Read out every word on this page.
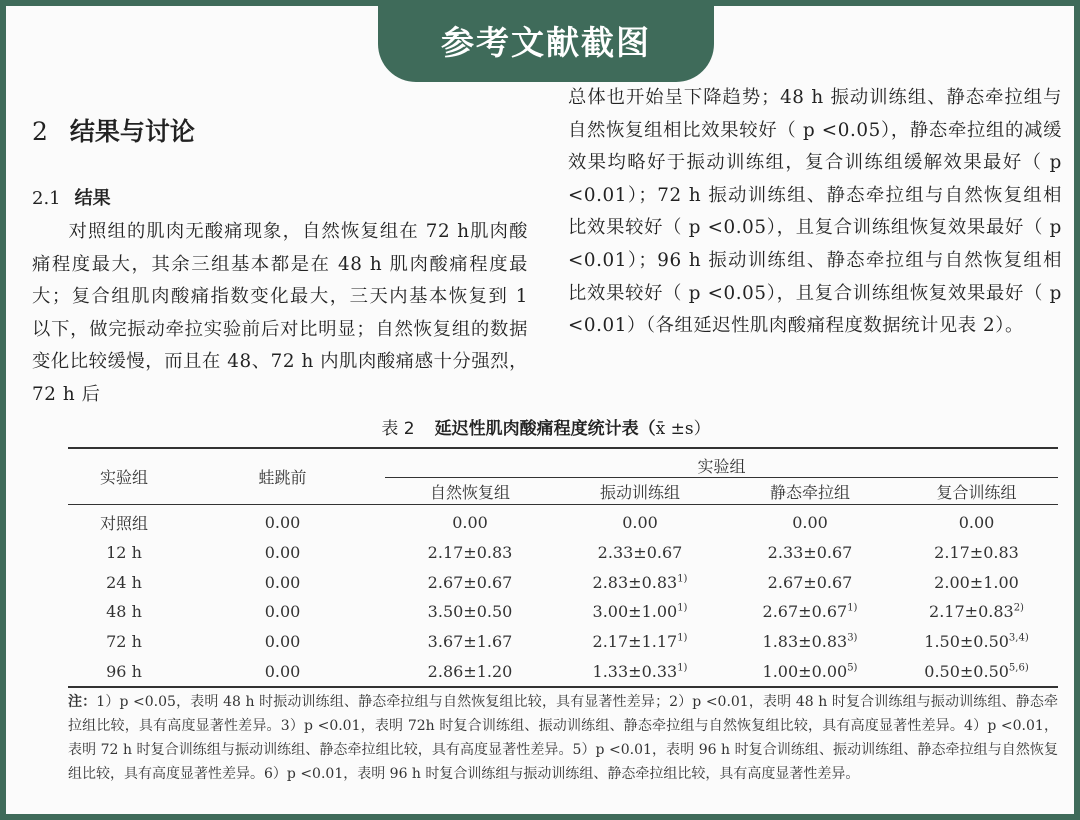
参考文献截图
2 结果与讨论
2.1 结果

对照组的肌肉无酸痛现象，自然恢复组在 72 h肌肉酸痛程度最大，其余三组基本都是在 48 h 肌肉酸痛程度最大；复合组肌肉酸痛指数变化最大，三天内基本恢复到 1 以下，做完振动牵拉实验前后对比明显；自然恢复组的数据变化比较缓慢，而且在 48、72 h 内肌肉酸痛感十分强烈，72 h 后

总体也开始呈下降趋势；48 h 振动训练组、静态牵拉组与自然恢复组相比效果较好（ p <0.05），静态牵拉组的减缓效果均略好于振动训练组，复合训练组缓解效果最好（ p <0.01）；72 h 振动训练组、静态牵拉组与自然恢复组相比效果较好（ p <0.05），且复合训练组恢复效果最好（ p <0.01）；96 h 振动训练组、静态牵拉组与自然恢复组相比效果较好（ p <0.05），且复合训练组恢复效果最好（ p <0.01）（各组延迟性肌肉酸痛程度数据统计见表 2）。

表 2 延迟性肌肉酸痛程度统计表（x̄ ±s）
实验组	蛙跳前	实验组			
		自然恢复组	振动训练组	静态牵拉组	复合训练组
对照组	0.00	0.00	0.00	0.00	0.00
12 h	0.00	2.17±0.83	2.33±0.67	2.33±0.67	2.17±0.83
24 h	0.00	2.67±0.67	$2.83\pm 0.83^{1)}$	2.67±0.67	2.00±1.00
48 h	0.00	3.50±0.50	$3.00\pm 1.00^{1)}$	$2.67\pm 0.67^{1)}$	$2.17\pm 0.83^{2)}$
72 h	0.00	3.67±1.67	$2.17\pm 1.17^{1)}$	$1.83\pm 0.83^{3)}$	$1.50\pm 0.50^{3,4)}$
96 h	0.00	2.86±1.20	$1.33\pm 0.33^{1)}$	$1.00\pm 0.00^{5)}$	$0.50\pm 0.50^{5,6)}$
注：1）p <0.05，表明 48 h 时振动训练组、静态牵拉组与自然恢复组比较，具有显著性差异；2）p <0.01，表明 48 h 时复合训练组与振动训练组、静态牵拉组比较，具有高度显著性差异。3）p <0.01，表明 72h 时复合训练组、振动训练组、静态牵拉组与自然恢复组比较，具有高度显著性差异。4）p <0.01，表明 72 h 时复合训练组与振动训练组、静态牵拉组比较，具有高度显著性差异。5）p <0.01，表明 96 h 时复合训练组、振动训练组、静态牵拉组与自然恢复组比较，具有高度显著性差异。6）p <0.01，表明 96 h 时复合训练组与振动训练组、静态牵拉组比较，具有高度显著性差异。
